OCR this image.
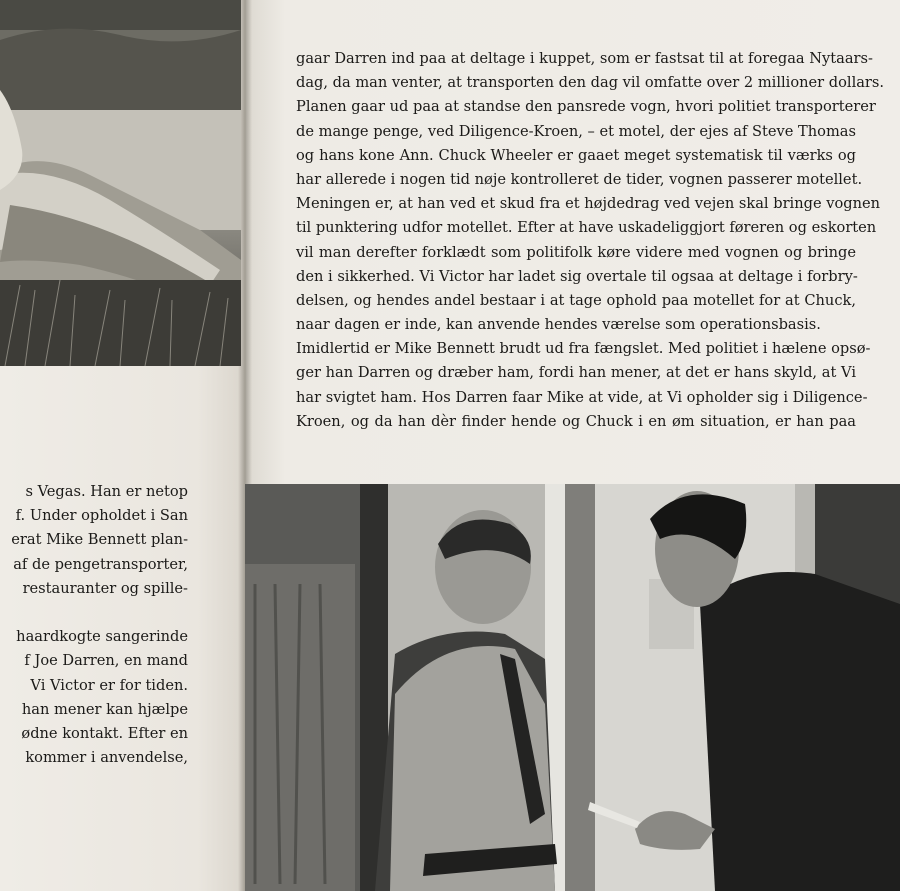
gaar Darren ind paa at deltage i kuppet, som er fastsat til at foregaa Nytaars-
dag, da man venter, at transporten den dag vil omfatte over 2 millioner dollars.
Planen gaar ud paa at standse den pansrede vogn, hvori politiet transporterer
de mange penge, ved Diligence-Kroen, – et motel, der ejes af Steve Thomas
og hans kone Ann. Chuck Wheeler er gaaet meget systematisk til værks og
har allerede i nogen tid nøje kontrolleret de tider, vognen passerer motellet.
Meningen er, at han ved et skud fra et højdedrag ved vejen skal bringe vognen
til punktering udfor motellet. Efter at have uskadeliggjort føreren og eskorten
vil man derefter forklædt som politifolk køre videre med vognen og bringe
den i sikkerhed. Vi Victor har ladet sig overtale til ogsaa at deltage i forbry-
delsen, og hendes andel bestaar i at tage ophold paa motellet for at Chuck,
naar dagen er inde, kan anvende hendes værelse som operationsbasis.
Imidlertid er Mike Bennett brudt ud fra fængslet. Med politiet i hælene opsø-
ger han Darren og dræber ham, fordi han mener, at det er hans skyld, at Vi
har svigtet ham. Hos Darren faar Mike at vide, at Vi opholder sig i Diligence-
Kroen, og da han dèr finder hende og Chuck i en øm situation, er han paa
s Vegas. Han er netop
f. Under opholdet i San
erat Mike Bennett plan-
af de pengetransporter,
restauranter og spille-
haardkogte sangerinde
f Joe Darren, en mand
Vi Victor er for tiden.
han mener kan hjælpe
ødne kontakt. Efter en
kommer i anvendelse,
